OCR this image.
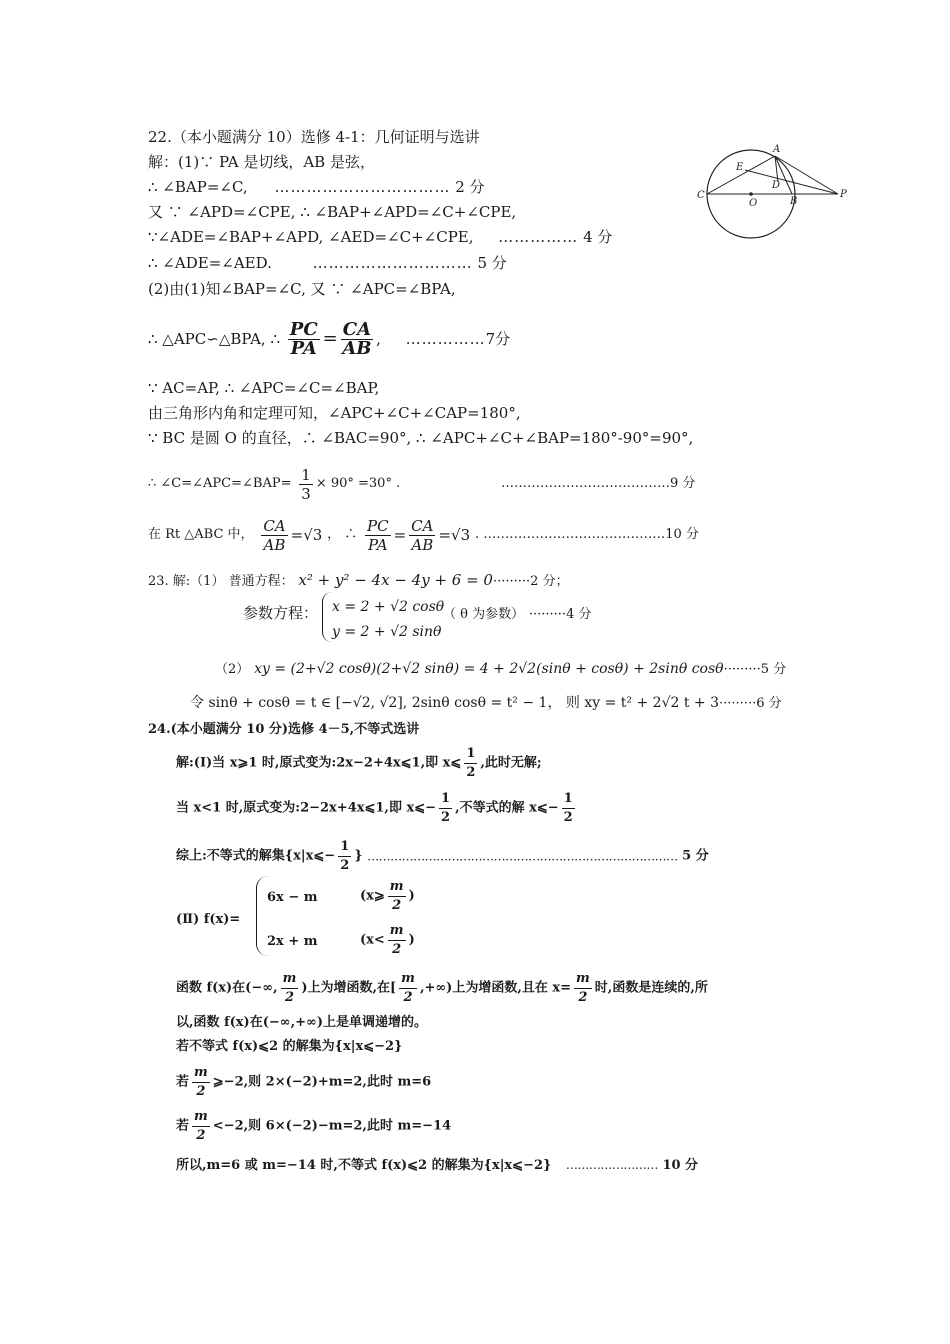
22.（本小题满分 10）选修 4-1：几何证明与选讲
解：(1)∵ PA 是切线，AB 是弦，
∴ ∠BAP=∠C, …………………………… 2 分
又 ∵ ∠APD=∠CPE, ∴ ∠BAP+∠APD=∠C+∠CPE,
∵∠ADE=∠BAP+∠APD, ∠AED=∠C+∠CPE, …………… 4 分
∴ ∠ADE=∠AED.	………………………… 5 分
(2)由(1)知∠BAP=∠C, 又 ∵ ∠APC=∠BPA,
∴ △APC∽△BPA, ∴ $\frac{PC}{PA} = \frac{CA}{AB}$ , ……………7分
∵ AC=AP, ∴ ∠APC=∠C=∠BAP,
由三角形内角和定理可知，∠APC+∠C+∠CAP=180°,
∵ BC 是圆 O 的直径，∴ ∠BAC=90°, ∴ ∠APC+∠C+∠BAP=180°-90°=90°,
∴ ∠C=∠APC=∠BAP= $\frac{1}{3} \times 90^\circ =30^\circ$ .	…………………………………9 分
在 Rt △ABC 中， $\frac{CA}{AB} =√3$ ， ∴ $\frac{PC}{PA} = \frac{CA}{AB} =√3$ . ……………………………………10 分
A
E
D
C
O	B
P
23. 解:（1） 普通方程： x² + y² − 4x − 4y + 6 = 0·········2 分；
参数方程： x = 2 + √2 cosθ
y = 2 + √2 sinθ
（ θ 为参数） ·········4 分
（2） xy = (2+√2 cosθ)(2+√2 sinθ) = 4 + 2√2(sinθ + cosθ) + 2sinθ cosθ·········5 分
令 sinθ + cosθ = t ∈ [−√2, √2], 2sinθ cosθ = t² − 1， 则 xy = t² + 2√2 t + 3·········6 分
24.(本小题满分 10 分)选修 4－5,不等式选讲
解:(Ⅰ)当 x⩾1 时,原式变为:2x−2+4x⩽1,即 x⩽ $\frac{1}{2}$ ,此时无解;
当 x<1 时,原式变为:2−2x+4x⩽1,即 x⩽− $\frac{1}{2}$ ,不等式的解 x⩽− $\frac{1}{2}$
综上:不等式的解集{x|x⩽− $\frac{1}{2}$ } ……………………………………………………………………… 5 分
(Ⅱ) f(x)=
6x − m	(x⩾ $\frac{m}{2}$ )
2x + m	($x< \frac{m}{2}$ )
函数 f(x)在(−∞, $\frac{m}{2}$ )上为增函数,在[ $\frac{m}{2}$ ,+∞)上为增函数,且在 $x= \frac{m}{2}$ 时,函数是连续的,所
以,函数 f(x)在(−∞,+∞)上是单调递增的。
若不等式 f(x)⩽2 的解集为{x|x⩽−2}
若 $\frac{m}{2}$ ⩾−2,则 2×(−2)+m=2,此时 m=6
若 $\frac{m}{2} <-2$,则 6×(−2)−m=2,此时 m=−14
所以,m=6 或 m=−14 时,不等式 f(x)⩽2 的解集为{x|x⩽−2} …………………… 10 分
